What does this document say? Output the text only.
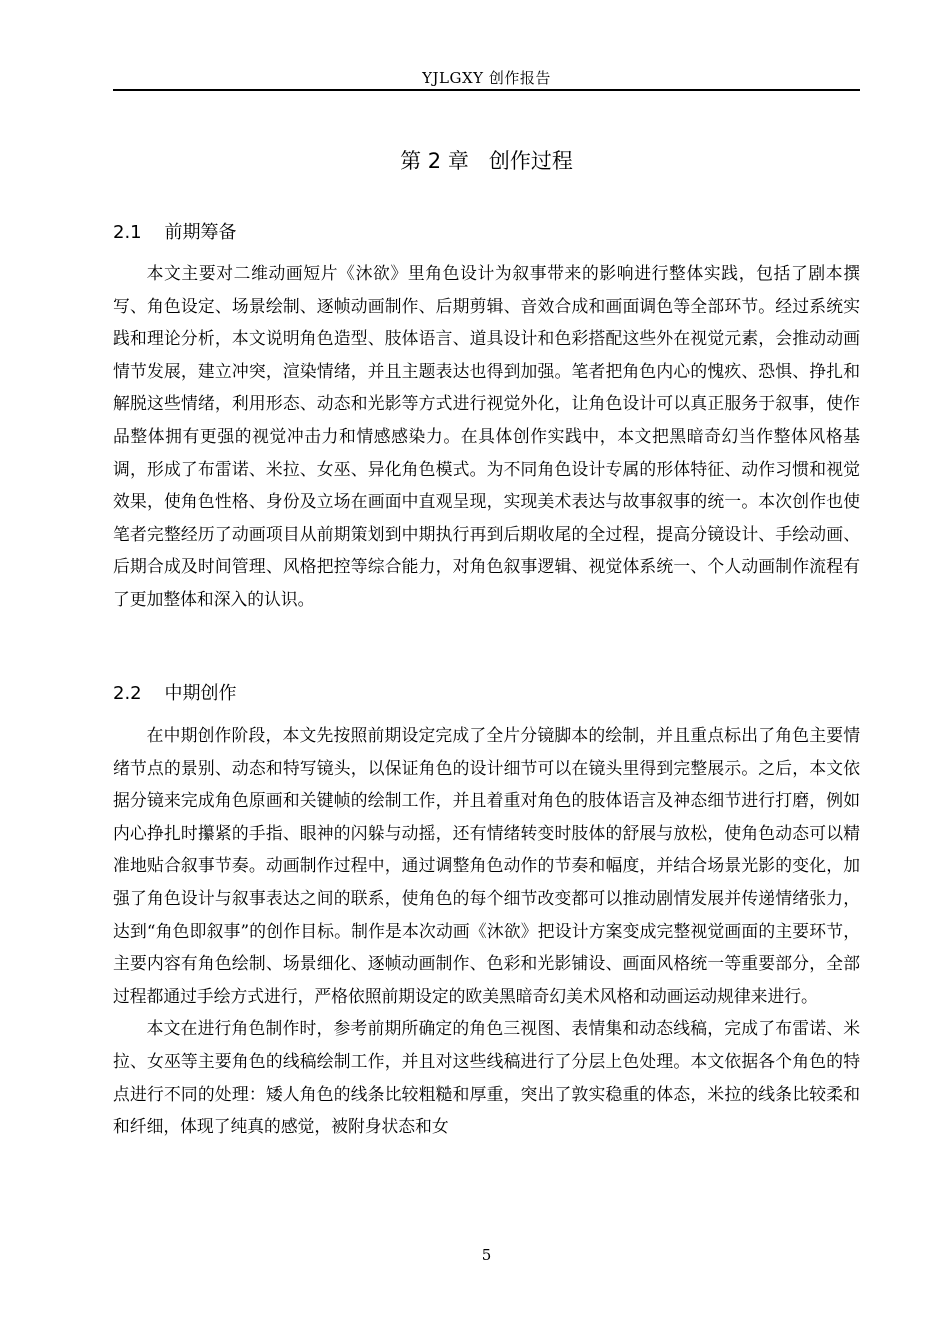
YJLGXY 创作报告
第 2 章   创作过程
2.1    前期筹备

本文主要对二维动画短片《沐欲》里角色设计为叙事带来的影响进行整体实践，包括了剧本撰写、角色设定、场景绘制、逐帧动画制作、后期剪辑、音效合成和画面调色等全部环节。经过系统实践和理论分析，本文说明角色造型、肢体语言、道具设计和色彩搭配这些外在视觉元素，会推动动画情节发展，建立冲突，渲染情绪，并且主题表达也得到加强。笔者把角色内心的愧疚、恐惧、挣扎和解脱这些情绪，利用形态、动态和光影等方式进行视觉外化，让角色设计可以真正服务于叙事，使作品整体拥有更强的视觉冲击力和情感感染力。在具体创作实践中，本文把黑暗奇幻当作整体风格基调，形成了布雷诺、米拉、女巫、异化角色模式。为不同角色设计专属的形体特征、动作习惯和视觉效果，使角色性格、身份及立场在画面中直观呈现，实现美术表达与故事叙事的统一。本次创作也使笔者完整经历了动画项目从前期策划到中期执行再到后期收尾的全过程，提高分镜设计、手绘动画、后期合成及时间管理、风格把控等综合能力，对角色叙事逻辑、视觉体系统一、个人动画制作流程有了更加整体和深入的认识。

2.2    中期创作

在中期创作阶段，本文先按照前期设定完成了全片分镜脚本的绘制，并且重点标出了角色主要情绪节点的景别、动态和特写镜头，以保证角色的设计细节可以在镜头里得到完整展示。之后，本文依据分镜来完成角色原画和关键帧的绘制工作，并且着重对角色的肢体语言及神态细节进行打磨，例如内心挣扎时攥紧的手指、眼神的闪躲与动摇，还有情绪转变时肢体的舒展与放松，使角色动态可以精准地贴合叙事节奏。动画制作过程中，通过调整角色动作的节奏和幅度，并结合场景光影的变化，加强了角色设计与叙事表达之间的联系，使角色的每个细节改变都可以推动剧情发展并传递情绪张力，达到“角色即叙事”的创作目标。制作是本次动画《沐欲》把设计方案变成完整视觉画面的主要环节，主要内容有角色绘制、场景细化、逐帧动画制作、色彩和光影铺设、画面风格统一等重要部分，全部过程都通过手绘方式进行，严格依照前期设定的欧美黑暗奇幻美术风格和动画运动规律来进行。

本文在进行角色制作时，参考前期所确定的角色三视图、表情集和动态线稿，完成了布雷诺、米拉、女巫等主要角色的线稿绘制工作，并且对这些线稿进行了分层上色处理。本文依据各个角色的特点进行不同的处理：矮人角色的线条比较粗糙和厚重，突出了敦实稳重的体态，米拉的线条比较柔和和纤细，体现了纯真的感觉，被附身状态和女

5
